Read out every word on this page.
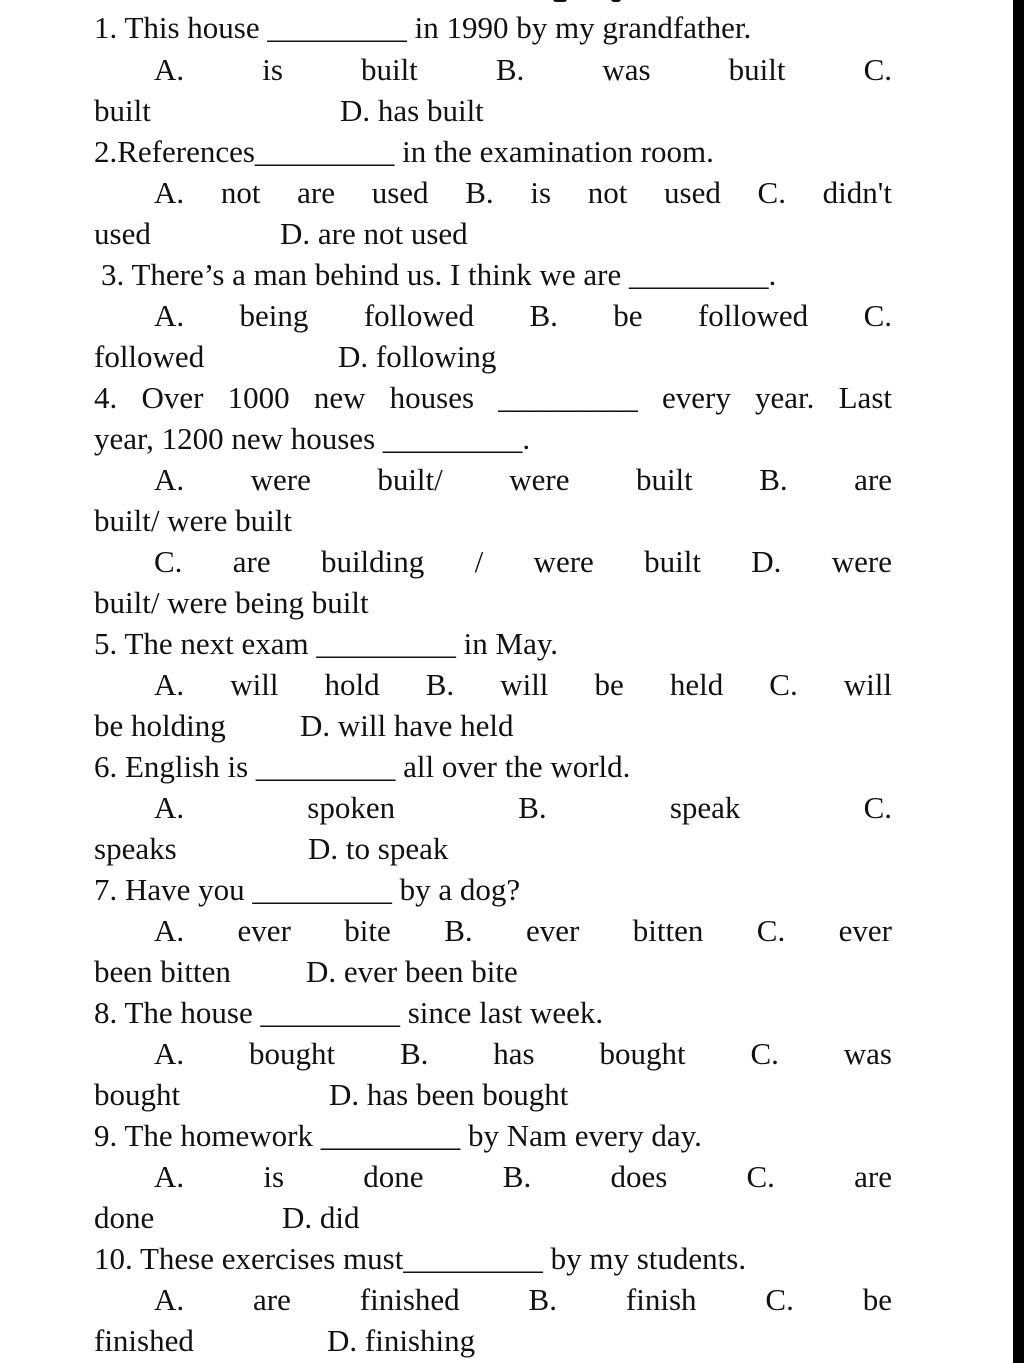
1. This house _________ in 1990 by my grandfather.
A. is built B. was built C.
built	D. has built
2.References_________ in the examination room.
A. not are used B. is not used C. didn't
used	D. are not used
3. There’s a man behind us. I think we are _________.
A. being followed B. be followed C.
followed	D. following
4. Over 1000 new houses _________ every year. Last
year, 1200 new houses _________.
A. were built/ were built B. are
built/ were built
C. are building / were built D. were
built/ were being built
5. The next exam _________ in May.
A. will hold B. will be held C. will
be holding D. will have held
6. English is _________ all over the world.
A. spoken B. speak C.
speaks	D. to speak
7. Have you _________ by a dog?
A. ever bite B. ever bitten C. ever
been bitten D. ever been bite
8. The house _________ since last week.
A. bought B. has bought C. was
bought	D. has been bought
9. The homework _________ by Nam every day.
A. is done B. does C. are
done	D. did
10. These exercises must_________ by my students.
A. are finished B. finish C. be
finished	D. finishing
